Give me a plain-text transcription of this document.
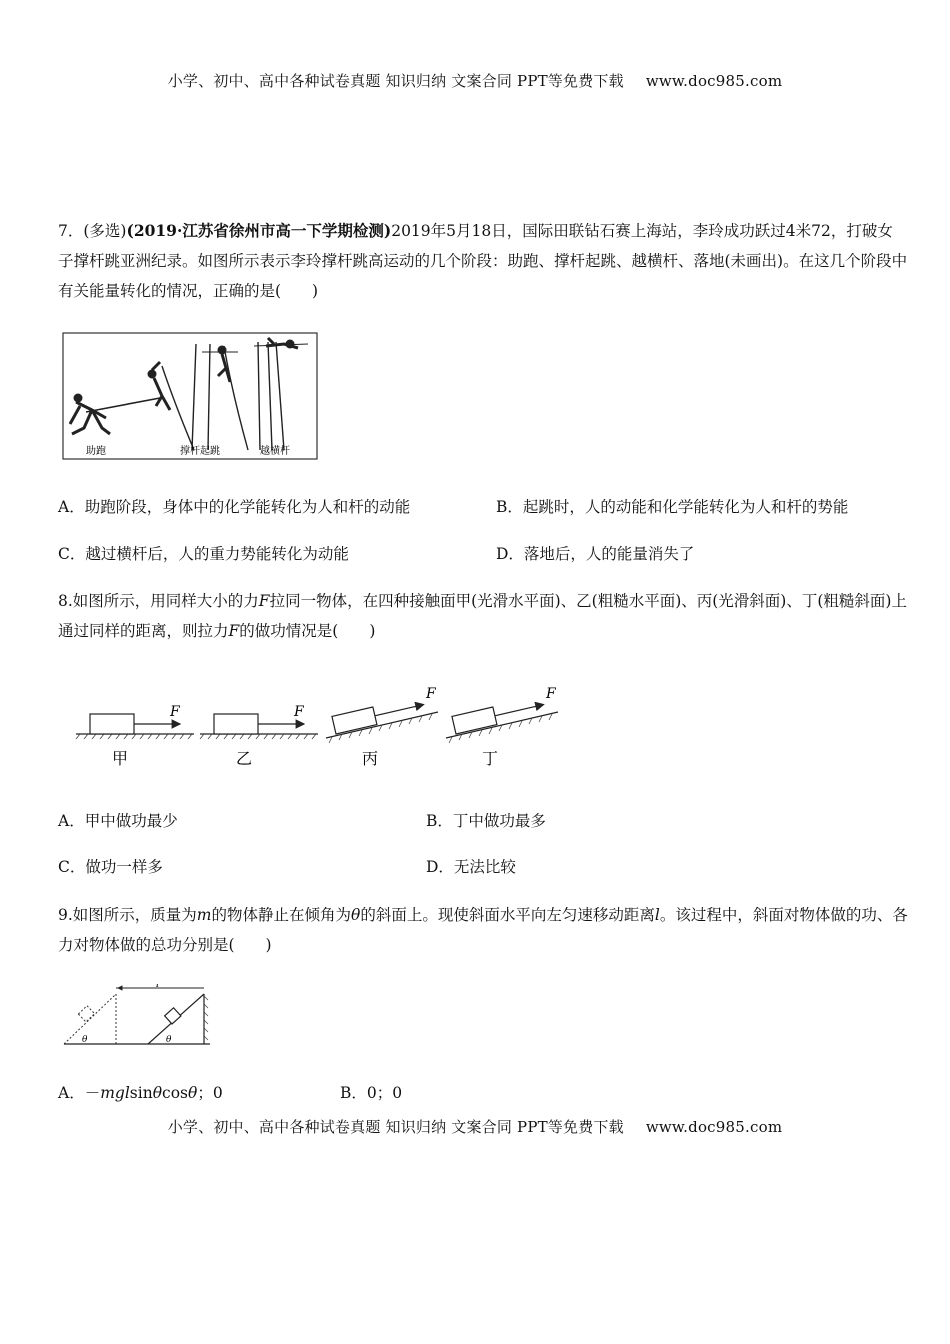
小学、初中、高中各种试卷真题 知识归纳 文案合同 PPT等免费下载 www.doc985.com
7．(多选)(2019·江苏省徐州市高一下学期检测)2019年5月18日，国际田联钻石赛上海站，李玲成功跃过4米72，打破女子撑杆跳亚洲纪录。如图所示表示李玲撑杆跳高运动的几个阶段：助跑、撑杆起跳、越横杆、落地(未画出)。在这几个阶段中有关能量转化的情况，正确的是(　　)
助跑	撑杆起跳	越横杆
A．助跑阶段，身体中的化学能转化为人和杆的动能	B．起跳时，人的动能和化学能转化为人和杆的势能
C．越过横杆后，人的重力势能转化为动能	D．落地后，人的能量消失了
8.如图所示，用同样大小的力F拉同一物体，在四种接触面甲(光滑水平面)、乙(粗糙水平面)、丙(光滑斜面)、丁(粗糙斜面)上通过同样的距离，则拉力F的做功情况是(　　)
F
甲
F
乙
F
丙
F
丁
A．甲中做功最少	B．丁中做功最多
C．做功一样多	D．无法比较
9.如图所示，质量为m的物体静止在倾角为θ的斜面上。现使斜面水平向左匀速移动距离l。该过程中，斜面对物体做的功、各力对物体做的总功分别是(　　)
l
θ	θ
A．－mglsinθcosθ；0	B．0；0
小学、初中、高中各种试卷真题 知识归纳 文案合同 PPT等免费下载 www.doc985.com
